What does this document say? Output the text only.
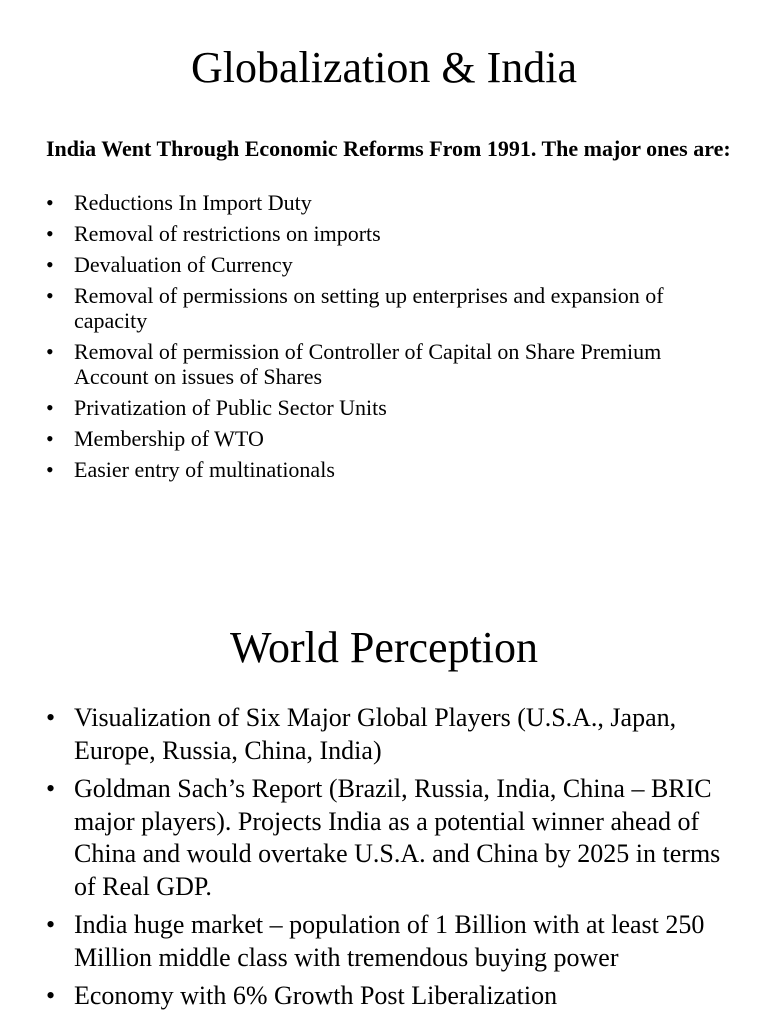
Globalization & India

India Went Through Economic Reforms From 1991. The major ones are:

• Reductions In Import Duty
• Removal of restrictions on imports
• Devaluation of Currency
• Removal of permissions on setting up enterprises and expansion of capacity
• Removal of permission of Controller of Capital on Share Premium Account on issues of Shares
• Privatization of Public Sector Units
• Membership of WTO
• Easier entry of multinationals
World Perception
• Visualization of Six Major Global Players (U.S.A., Japan, Europe, Russia, China, India)
• Goldman Sach’s Report (Brazil, Russia, India, China – BRIC major players). Projects India as a potential winner ahead of China and would overtake U.S.A. and China by 2025 in terms of Real GDP.
• India huge market – population of 1 Billion with at least 250 Million middle class with tremendous buying power
• Economy with 6% Growth Post Liberalization
